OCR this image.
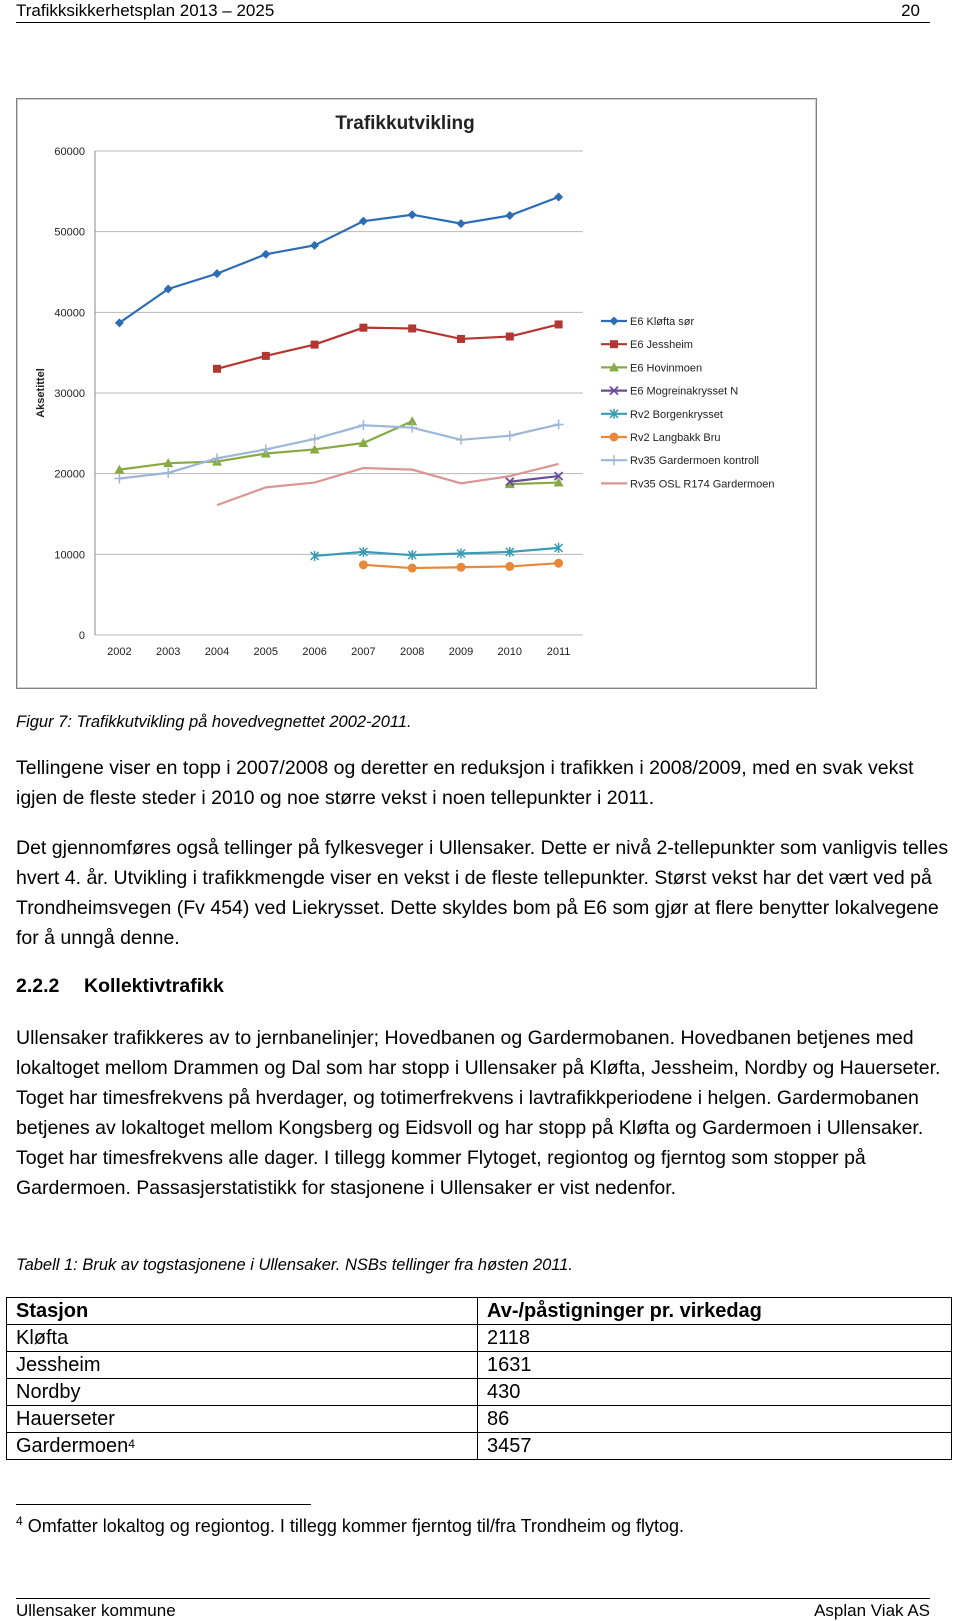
Trafikksikkerhetsplan 2013 – 2025	20
Trafikkutvikling
Aksetittel
0
10000
20000
30000
40000
50000
60000
2002 2003 2004 2005 2006 2007 2008 2009 2010 2011
E6 Kløfta sør
E6 Jessheim
E6 Hovinmoen
E6 Mogreinakrysset N
Rv2 Borgenkrysset
Rv2 Langbakk Bru
Rv35 Gardermoen kontroll
Rv35 OSL R174 Gardermoen
Figur 7: Trafikkutvikling på hovedvegnettet 2002-2011.

Tellingene viser en topp i 2007/2008 og deretter en reduksjon i trafikken i 2008/2009, med en svak vekst igjen de fleste steder i 2010 og noe større vekst i noen tellepunkter i 2011.

Det gjennomføres også tellinger på fylkesveger i Ullensaker. Dette er nivå 2-tellepunkter som vanligvis telles hvert 4. år. Utvikling i trafikkmengde viser en vekst i de fleste tellepunkter. Størst vekst har det vært ved på Trondheimsvegen (Fv 454) ved Liekrysset. Dette skyldes bom på E6 som gjør at flere benytter lokalvegene for å unngå denne.

2.2.2 Kollektivtrafikk

Ullensaker trafikkeres av to jernbanelinjer; Hovedbanen og Gardermobanen. Hovedbanen betjenes med lokaltoget mellom Drammen og Dal som har stopp i Ullensaker på Kløfta, Jessheim, Nordby og Hauerseter. Toget har timesfrekvens på hverdager, og totimerfrekvens i lavtrafikkperiodene i helgen. Gardermobanen betjenes av lokaltoget mellom Kongsberg og Eidsvoll og har stopp på Kløfta og Gardermoen i Ullensaker. Toget har timesfrekvens alle dager. I tillegg kommer Flytoget, regiontog og fjerntog som stopper på Gardermoen. Passasjerstatistikk for stasjonene i Ullensaker er vist nedenfor.

Tabell 1: Bruk av togstasjonene i Ullensaker. NSBs tellinger fra høsten 2011.
Stasjon	Av-/påstigninger pr. virkedag
Kløfta	2118
Jessheim	1631
Nordby	430
Hauerseter	86
Gardermoen$^4$	3457
$^4$ Omfatter lokaltog og regiontog. I tillegg kommer fjerntog til/fra Trondheim og flytog.
Ullensaker kommune	Asplan Viak AS
